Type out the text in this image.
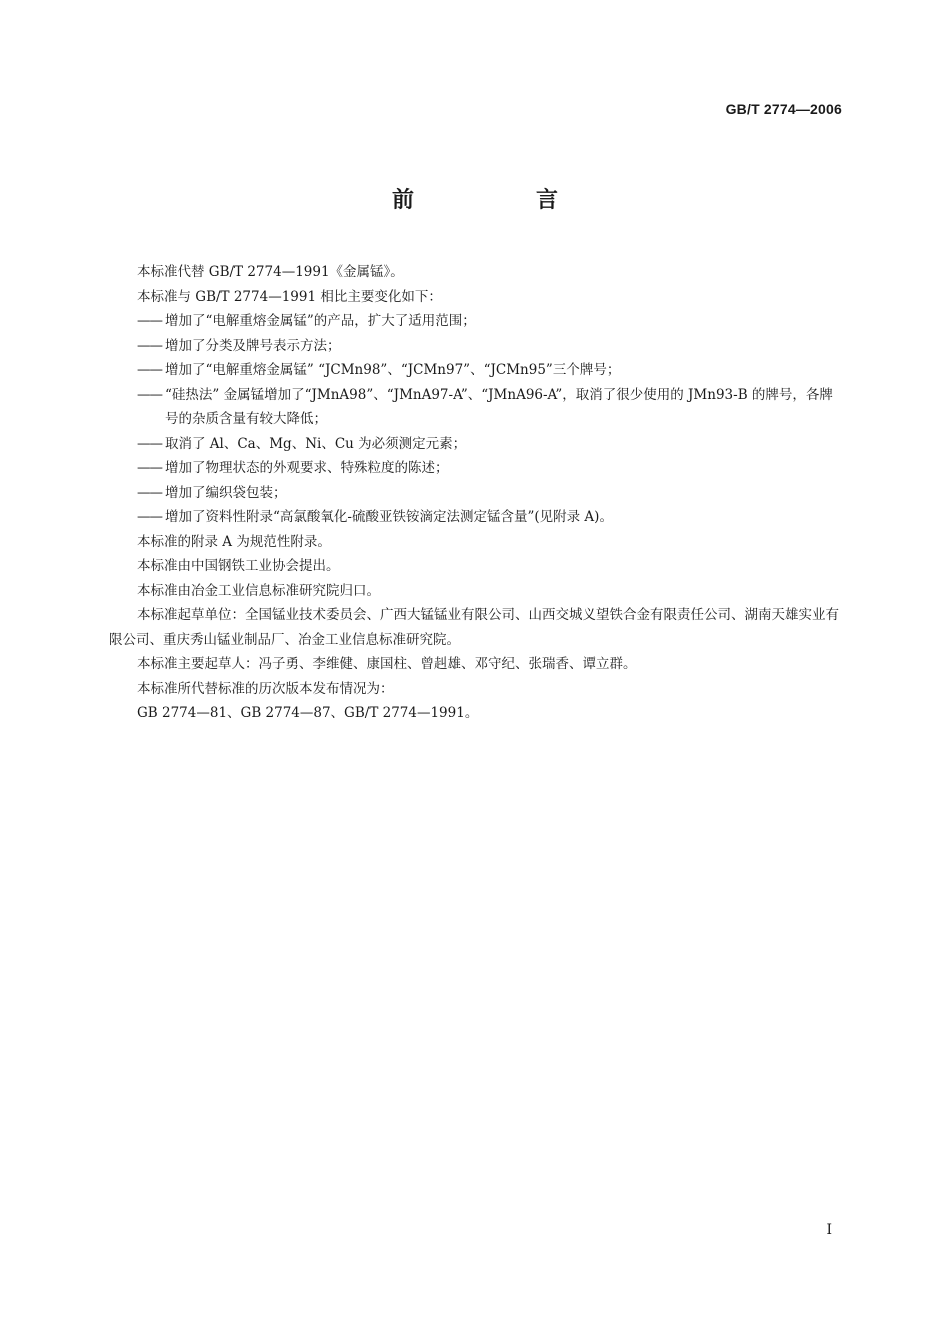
GB/T 2774—2006
前　言

本标准代替 GB/T 2774—1991《金属锰》。

本标准与 GB/T 2774—1991 相比主要变化如下：

—— 增加了“电解重熔金属锰”的产品，扩大了适用范围；

—— 增加了分类及牌号表示方法；

—— 增加了“电解重熔金属锰” “JCMn98”、“JCMn97”、“JCMn95”三个牌号；

—— “硅热法” 金属锰增加了“JMnA98”、“JMnA97-A”、“JMnA96-A”，取消了很少使用的 JMn93-B 的牌号，各牌号的杂质含量有较大降低；

—— 取消了 Al、Ca、Mg、Ni、Cu 为必须测定元素；

—— 增加了物理状态的外观要求、特殊粒度的陈述；

—— 增加了编织袋包装；

—— 增加了资料性附录“高氯酸氧化-硫酸亚铁铵滴定法测定锰含量”(见附录 A)。

本标准的附录 A 为规范性附录。

本标准由中国钢铁工业协会提出。

本标准由冶金工业信息标准研究院归口。

本标准起草单位：全国锰业技术委员会、广西大锰锰业有限公司、山西交城义望铁合金有限责任公司、湖南天雄实业有限公司、重庆秀山锰业制品厂、冶金工业信息标准研究院。

本标准主要起草人：冯子勇、李维健、康国柱、曾赳雄、邓守纪、张瑞香、谭立群。

本标准所代替标准的历次版本发布情况为：

GB 2774—81、GB 2774—87、GB/T 2774—1991。

I
